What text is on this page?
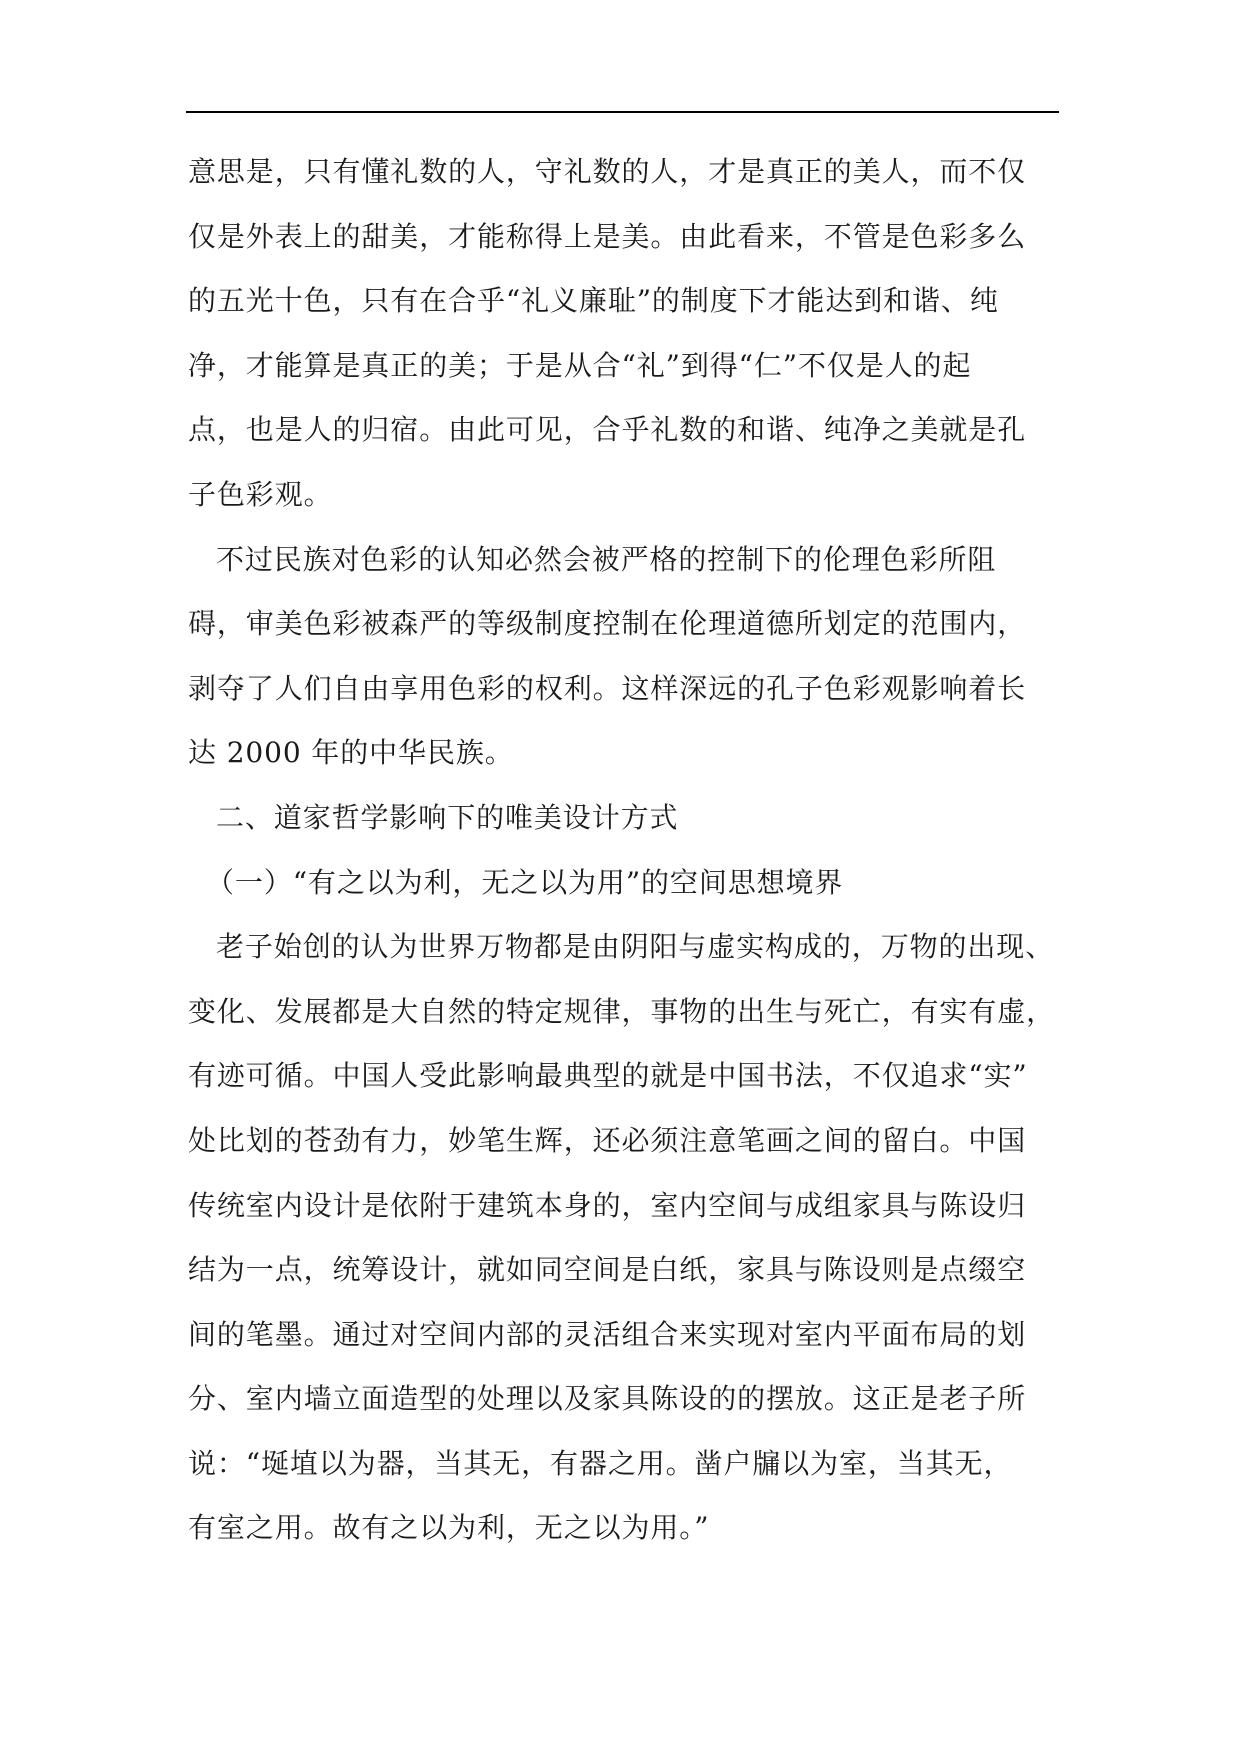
意思是，只有懂礼数的人，守礼数的人，才是真正的美人，而不仅
仅是外表上的甜美，才能称得上是美。由此看来，不管是色彩多么
的五光十色，只有在合乎“礼义廉耻”的制度下才能达到和谐、纯
净，才能算是真正的美；于是从合“礼”到得“仁”不仅是人的起
点，也是人的归宿。由此可见，合乎礼数的和谐、纯净之美就是孔
子色彩观。
不过民族对色彩的认知必然会被严格的控制下的伦理色彩所阻
碍，审美色彩被森严的等级制度控制在伦理道德所划定的范围内，
剥夺了人们自由享用色彩的权利。这样深远的孔子色彩观影响着长
达 2000 年的中华民族。
二、道家哲学影响下的唯美设计方式
（一）“有之以为利，无之以为用”的空间思想境界
老子始创的认为世界万物都是由阴阳与虚实构成的，万物的出现、
变化、发展都是大自然的特定规律，事物的出生与死亡，有实有虚，
有迹可循。中国人受此影响最典型的就是中国书法，不仅追求“实”
处比划的苍劲有力，妙笔生辉，还必须注意笔画之间的留白。中国
传统室内设计是依附于建筑本身的，室内空间与成组家具与陈设归
结为一点，统筹设计，就如同空间是白纸，家具与陈设则是点缀空
间的笔墨。通过对空间内部的灵活组合来实现对室内平面布局的划
分、室内墙立面造型的处理以及家具陈设的的摆放。这正是老子所
说：“埏埴以为器，当其无，有器之用。凿户牖以为室，当其无，
有室之用。故有之以为利，无之以为用。”
